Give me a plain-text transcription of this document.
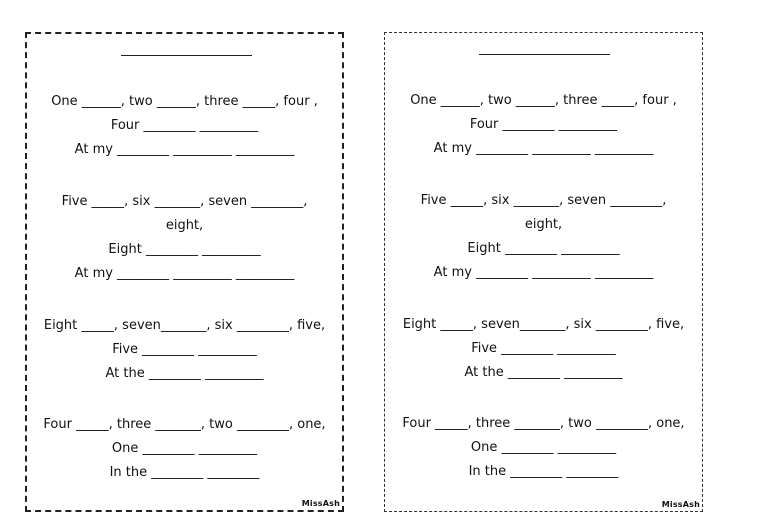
One ______, two ______, three _____, four ,
Four ________ _________
At my ________ _________ _________
Five _____, six _______, seven ________,
eight,
Eight ________ _________
At my ________ _________ _________
Eight _____, seven_______, six ________, five,
Five ________ _________
At the ________ _________
Four _____, three _______, two ________, one,
One ________ _________
In the ________ ________
MissAsh
One ______, two ______, three _____, four ,
Four ________ _________
At my ________ _________ _________
Five _____, six _______, seven ________,
eight,
Eight ________ _________
At my ________ _________ _________
Eight _____, seven_______, six ________, five,
Five ________ _________
At the ________ _________
Four _____, three _______, two ________, one,
One ________ _________
In the ________ ________
MissAsh
